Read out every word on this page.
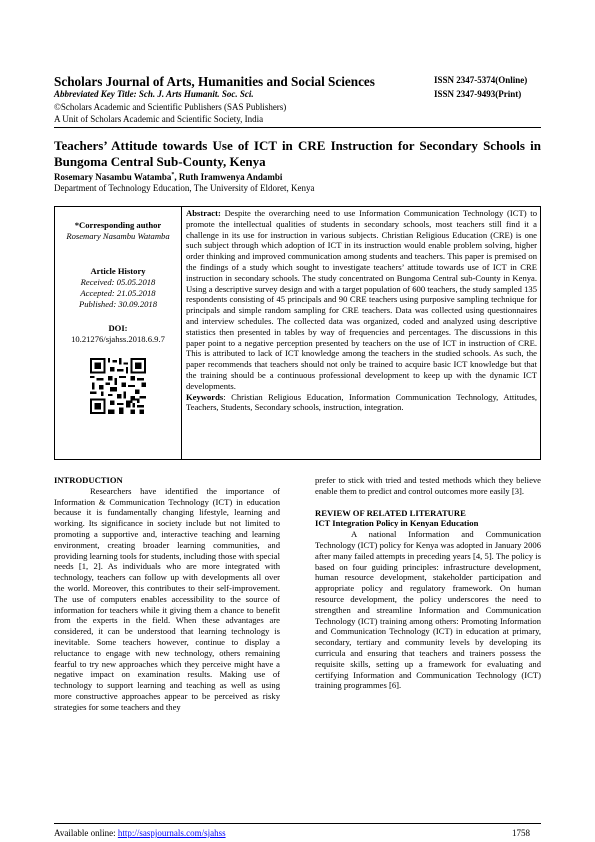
Scholars Journal of Arts, Humanities and Social Sciences	ISSN 2347-5374(Online)
Abbreviated Key Title: Sch. J. Arts Humanit. Soc. Sci.	ISSN 2347-9493(Print)
©Scholars Academic and Scientific Publishers (SAS Publishers)
A Unit of Scholars Academic and Scientific Society, India
Teachers’ Attitude towards Use of ICT in CRE Instruction for Secondary Schools in Bungoma Central Sub-County, Kenya
Rosemary Nasambu Watamba*, Ruth Iramwenya Andambi
Department of Technology Education, The University of Eldoret, Kenya
*Corresponding author
Rosemary Nasambu Watamba
Article History
Received: 05.05.2018
Accepted: 21.05.2018
Published: 30.09.2018
DOI:
10.21276/sjahss.2018.6.9.7
Abstract: Despite the overarching need to use Information Communication Technology (ICT) to promote the intellectual qualities of students in secondary schools, most teachers still find it a challenge in its use for instruction in various subjects. Christian Religious Education (CRE) is one such subject through which adoption of ICT in its instruction would enable problem solving, higher order thinking and improved communication among students and teachers. This paper is premised on the findings of a study which sought to investigate teachers’ attitude towards use of ICT in CRE instruction in secondary schools. The study concentrated on Bungoma Central sub-County in Kenya. Using a descriptive survey design and with a target population of 600 teachers, the study sampled 135 respondents consisting of 45 principals and 90 CRE teachers using purposive sampling technique for principals and simple random sampling for CRE teachers. Data was collected using questionnaires and interview schedules. The collected data was organized, coded and analyzed using descriptive statistics then presented in tables by way of frequencies and percentages. The discussions in this paper point to a negative perception presented by teachers on the use of ICT in instruction of CRE. This is attributed to lack of ICT knowledge among the teachers in the studied schools. As such, the paper recommends that teachers should not only be trained to acquire basic ICT knowledge but that the training should be a continuous professional development to keep up with the dynamic ICT developments.
Keywords: Christian Religious Education, Information Communication Technology, Attitudes, Teachers, Students, Secondary schools, instruction, integration.

INTRODUCTION

Researchers have identified the importance of Information & Communication Technology (ICT) in education because it is fundamentally changing lifestyle, learning and working. Its significance in society include but not limited to promoting a supportive and, interactive teaching and learning environment, creating broader learning communities, and providing learning tools for students, including those with special needs [1, 2]. As individuals who are more integrated with technology, teachers can follow up with developments all over the world. Moreover, this contributes to their self-improvement. The use of computers enables accessibility to the source of information for teachers while it giving them a chance to benefit from the experts in the field. When these advantages are considered, it can be understood that learning technology is inevitable. Some teachers however, continue to display a reluctance to engage with new technology, others remaining fearful to try new approaches which they perceive might have a negative impact on examination results. Making use of technology to support learning and teaching as well as using more constructive approaches appear to be perceived as risky strategies for some teachers and they

prefer to stick with tried and tested methods which they believe enable them to predict and control outcomes more easily [3].

REVIEW OF RELATED LITERATURE

ICT Integration Policy in Kenyan Education

A national Information and Communication Technology (ICT) policy for Kenya was adopted in January 2006 after many failed attempts in preceding years [4, 5]. The policy is based on four guiding principles: infrastructure development, human resource development, stakeholder participation and appropriate policy and regulatory framework. On human resource development, the policy underscores the need to strengthen and streamline Information and Communication Technology (ICT) training among others: Promoting Information and Communication Technology (ICT) in education at primary, secondary, tertiary and community levels by developing its curricula and ensuring that teachers and trainers possess the requisite skills, setting up a framework for evaluating and certifying Information and Communication Technology (ICT) training programmes [6].

Available online: http://saspjournals.com/sjahss	1758
